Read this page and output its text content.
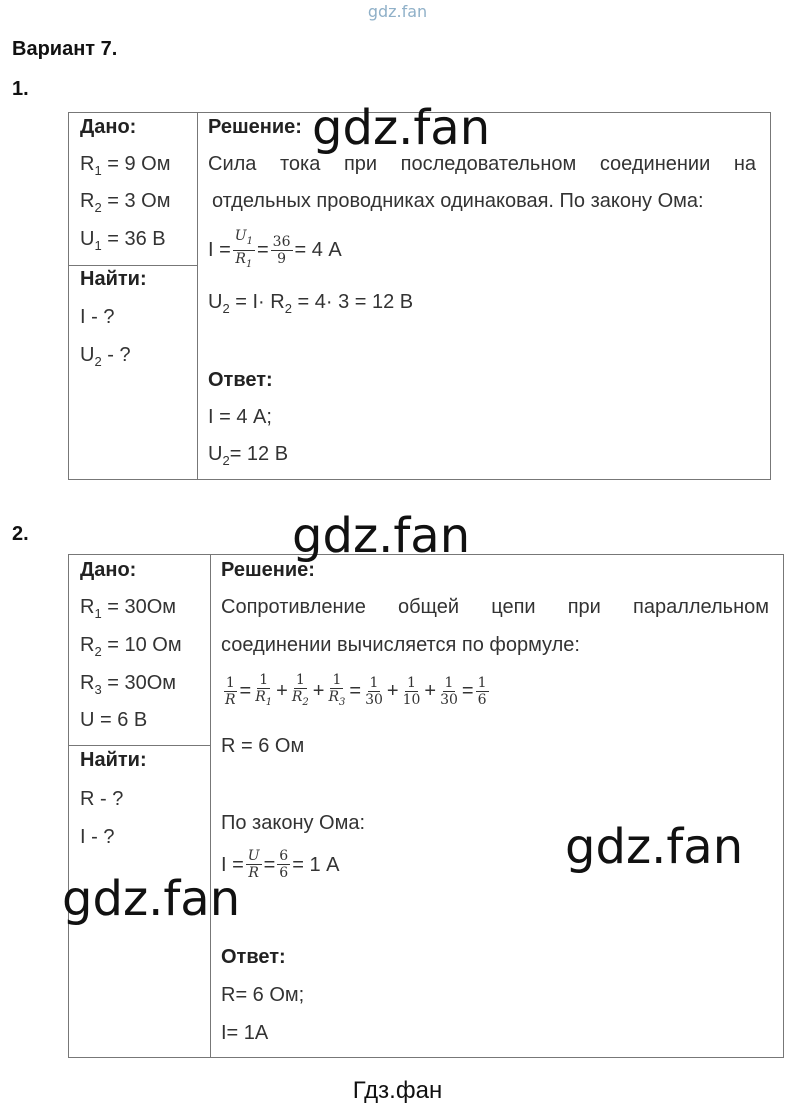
gdz.fan
Вариант 7.
1.
Дано:
$R_1 = 9$ Ом
$R_2 = 3$ Ом
$U_1 = 36$ В
Найти:
I - ?
$U_2$ - ?
Решение:
Сила тока при последовательном соединении на
отдельных проводниках одинаковая. По закону Ома:
$I = \frac{U_1}{R_1} = \frac{36}{9} = 4$ А
$U_2 = I\cdot R_2 = 4\cdot 3 = 12$ В
Ответ:
I = 4 А;
$U_2= 12$ В
2.
Дано:
$R_1 = 30Ом$
$R_2 = 10$ Ом
$R_3 = 30Ом$
U = 6 В
Найти:
R - ?
I - ?
Решение:
Сопротивление общей цепи при параллельном
соединении вычисляется по формуле:
$\frac{1}{R} = \frac{1}{R_1} + \frac{1}{R_2} + \frac{1}{R_3} = \frac{1}{30} + \frac{1}{10} + \frac{1}{30} = \frac{1}{6}$
R = 6 Ом
По закону Ома:
$I = \frac{U}{R} = \frac{6}{6} = 1$ А
Ответ:
R= 6 Ом;
I= 1А
gdz.fan
gdz.fan
gdz.fan
gdz.fan
Гдз.фан
